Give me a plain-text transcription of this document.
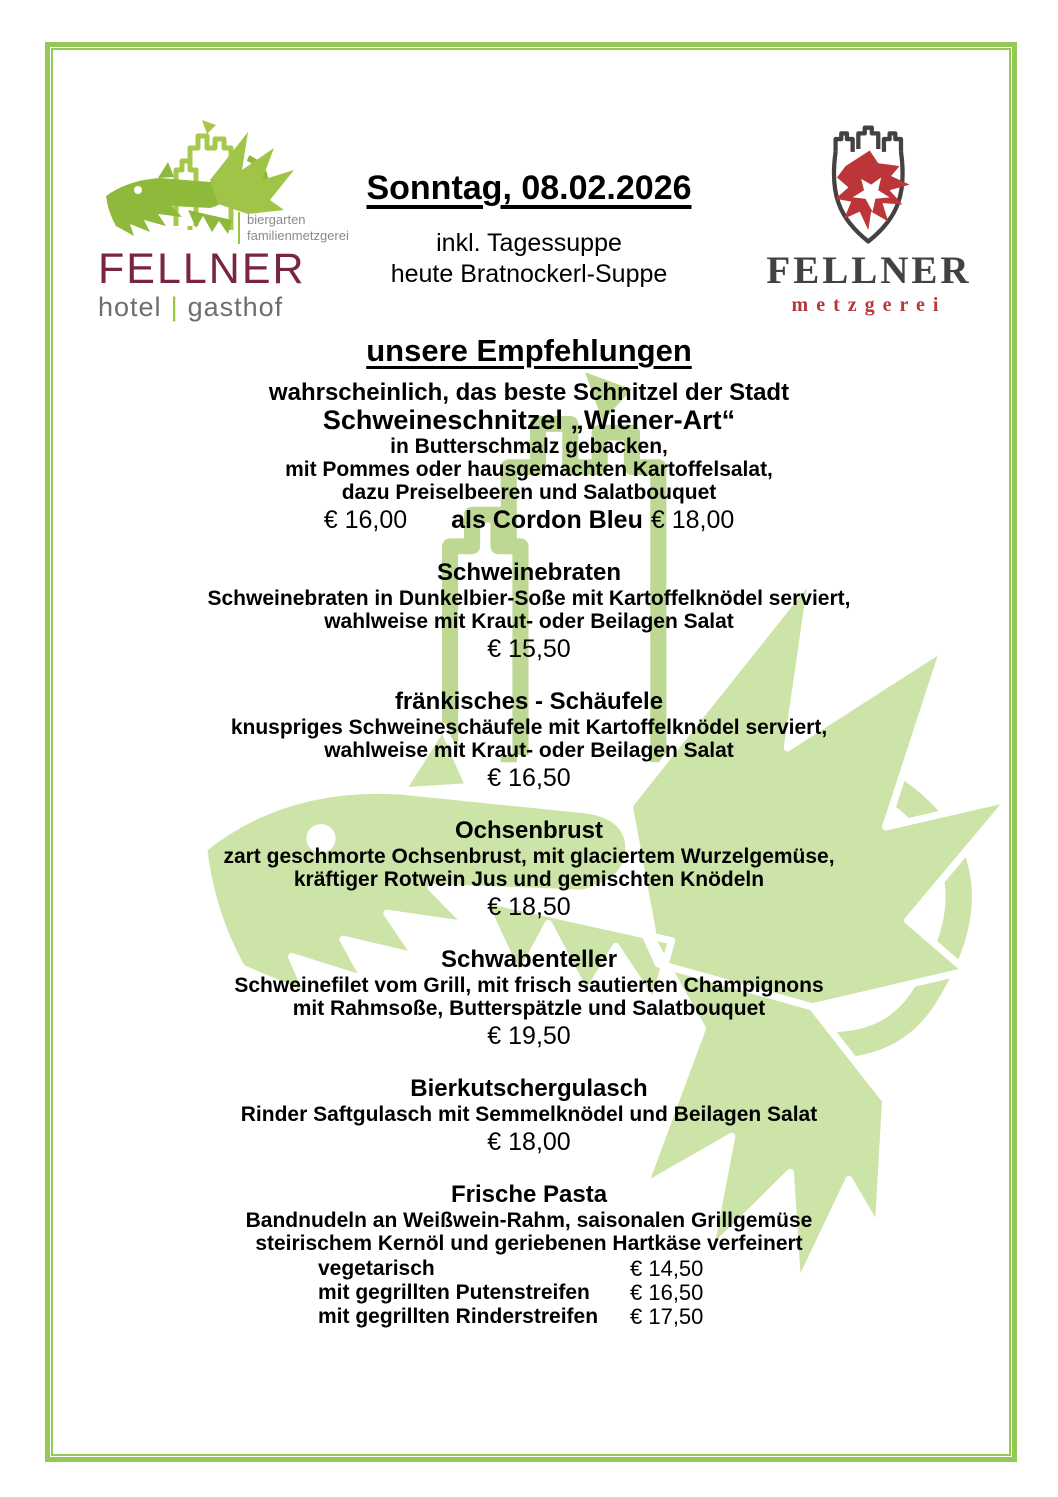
biergarten
familienmetzgerei
FELLNER
hotel | gasthof
FELLNER
metzgerei
Sonntag, 08.02.2026
inkl. Tagessuppe
heute Bratnockerl-Suppe
unsere Empfehlungen
wahrscheinlich, das beste Schnitzel der Stadt
Schweineschnitzel „Wiener-Art“
in Butterschmalz gebacken,
mit Pommes oder hausgemachten Kartoffelsalat,
dazu Preiselbeeren und Salatbouquet
€ 16,00 als Cordon Bleu € 18,00
Schweinebraten
Schweinebraten in Dunkelbier-Soße mit Kartoffelknödel serviert,
wahlweise mit Kraut- oder Beilagen Salat
€ 15,50
fränkisches - Schäufele
knuspriges Schweineschäufele mit Kartoffelknödel serviert,
wahlweise mit Kraut- oder Beilagen Salat
€ 16,50
Ochsenbrust
zart geschmorte Ochsenbrust, mit glaciertem Wurzelgemüse,
kräftiger Rotwein Jus und gemischten Knödeln
€ 18,50
Schwabenteller
Schweinefilet vom Grill, mit frisch sautierten Champignons
mit Rahmsoße, Butterspätzle und Salatbouquet
€ 19,50
Bierkutschergulasch
Rinder Saftgulasch mit Semmelknödel und Beilagen Salat
€ 18,00
Frische Pasta
Bandnudeln an Weißwein-Rahm, saisonalen Grillgemüse
steirischem Kernöl und geriebenen Hartkäse verfeinert
vegetarisch	€ 14,50
mit gegrillten Putenstreifen	€ 16,50
mit gegrillten Rinderstreifen	€ 17,50
